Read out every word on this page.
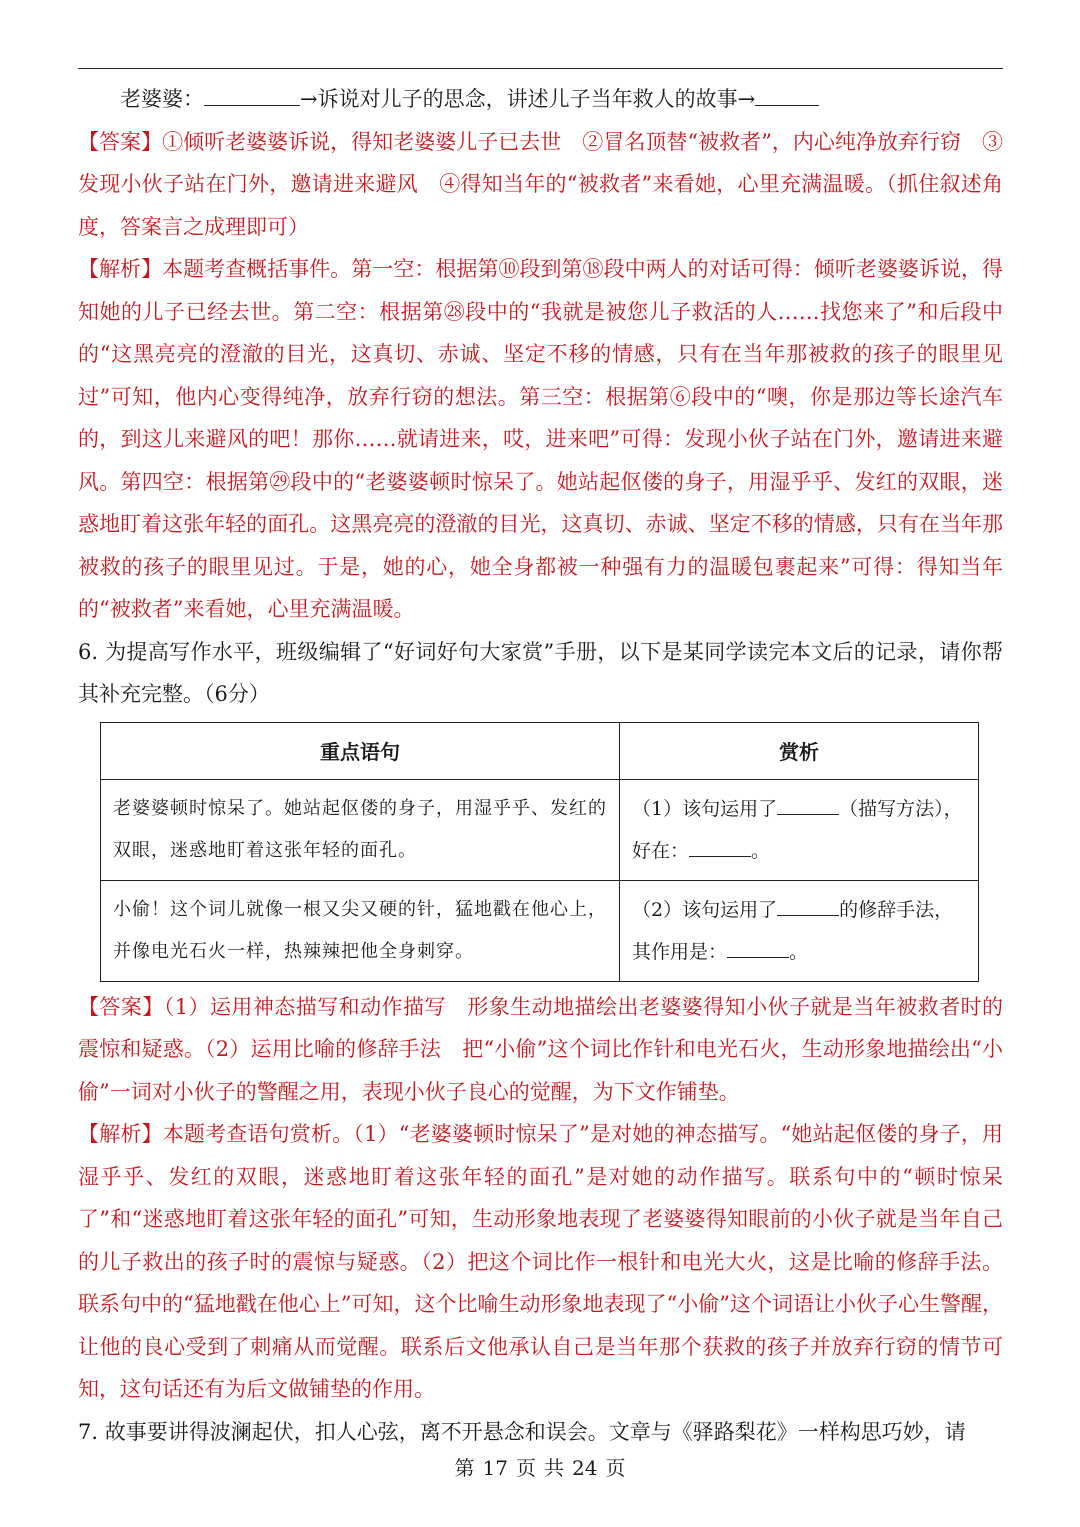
老婆婆：	→诉说对儿子的思念，讲述儿子当年救人的故事→

【答案】①倾听老婆婆诉说，得知老婆婆儿子已去世　②冒名顶替“被救者”，内心纯净放弃行窃　③发现小伙子站在门外，邀请进来避风　④得知当年的“被救者”来看她，心里充满温暖。（抓住叙述角度，答案言之成理即可）

【解析】本题考查概括事件。第一空：根据第⑩段到第⑱段中两人的对话可得：倾听老婆婆诉说，得知她的儿子已经去世。第二空：根据第㉘段中的“我就是被您儿子救活的人……找您来了”和后段中的“这黑亮亮的澄澈的目光，这真切、赤诚、坚定不移的情感，只有在当年那被救的孩子的眼里见过”可知，他内心变得纯净，放弃行窃的想法。第三空：根据第⑥段中的“噢，你是那边等长途汽车的，到这儿来避风的吧！那你……就请进来，哎，进来吧”可得：发现小伙子站在门外，邀请进来避风。第四空：根据第㉙段中的“老婆婆顿时惊呆了。她站起伛偻的身子，用湿乎乎、发红的双眼，迷惑地盯着这张年轻的面孔。这黑亮亮的澄澈的目光，这真切、赤诚、坚定不移的情感，只有在当年那被救的孩子的眼里见过。于是，她的心，她全身都被一种强有力的温暖包裹起来”可得：得知当年的“被救者”来看她，心里充满温暖。

6. 为提高写作水平，班级编辑了“好词好句大家赏”手册，以下是某同学读完本文后的记录，请你帮其补充完整。（6分）

重点语句	赏析
老婆婆顿时惊呆了。她站起伛偻的身子，用湿乎乎、发红的双眼，迷惑地盯着这张年轻的面孔。	（1）该句运用了 （描写方法），好在： 。
小偷！这个词儿就像一根又尖又硬的针，猛地戳在他心上，并像电光石火一样，热辣辣把他全身刺穿。	（2）该句运用了 的修辞手法，其作用是： 。

【答案】（1）运用神态描写和动作描写　形象生动地描绘出老婆婆得知小伙子就是当年被救者时的震惊和疑惑。（2）运用比喻的修辞手法　把“小偷”这个词比作针和电光石火，生动形象地描绘出“小偷”一词对小伙子的警醒之用，表现小伙子良心的觉醒，为下文作铺垫。

【解析】本题考查语句赏析。（1）“老婆婆顿时惊呆了”是对她的神态描写。“她站起伛偻的身子，用湿乎乎、发红的双眼，迷惑地盯着这张年轻的面孔”是对她的动作描写。联系句中的“顿时惊呆了”和“迷惑地盯着这张年轻的面孔”可知，生动形象地表现了老婆婆得知眼前的小伙子就是当年自己的儿子救出的孩子时的震惊与疑惑。（2）把这个词比作一根针和电光大火，这是比喻的修辞手法。联系句中的“猛地戳在他心上”可知，这个比喻生动形象地表现了“小偷”这个词语让小伙子心生警醒，让他的良心受到了刺痛从而觉醒。联系后文他承认自己是当年那个获救的孩子并放弃行窃的情节可知，这句话还有为后文做铺垫的作用。

7. 故事要讲得波澜起伏，扣人心弦，离不开悬念和误会。文章与《驿路梨花》一样构思巧妙，请

第 17 页 共 24 页
